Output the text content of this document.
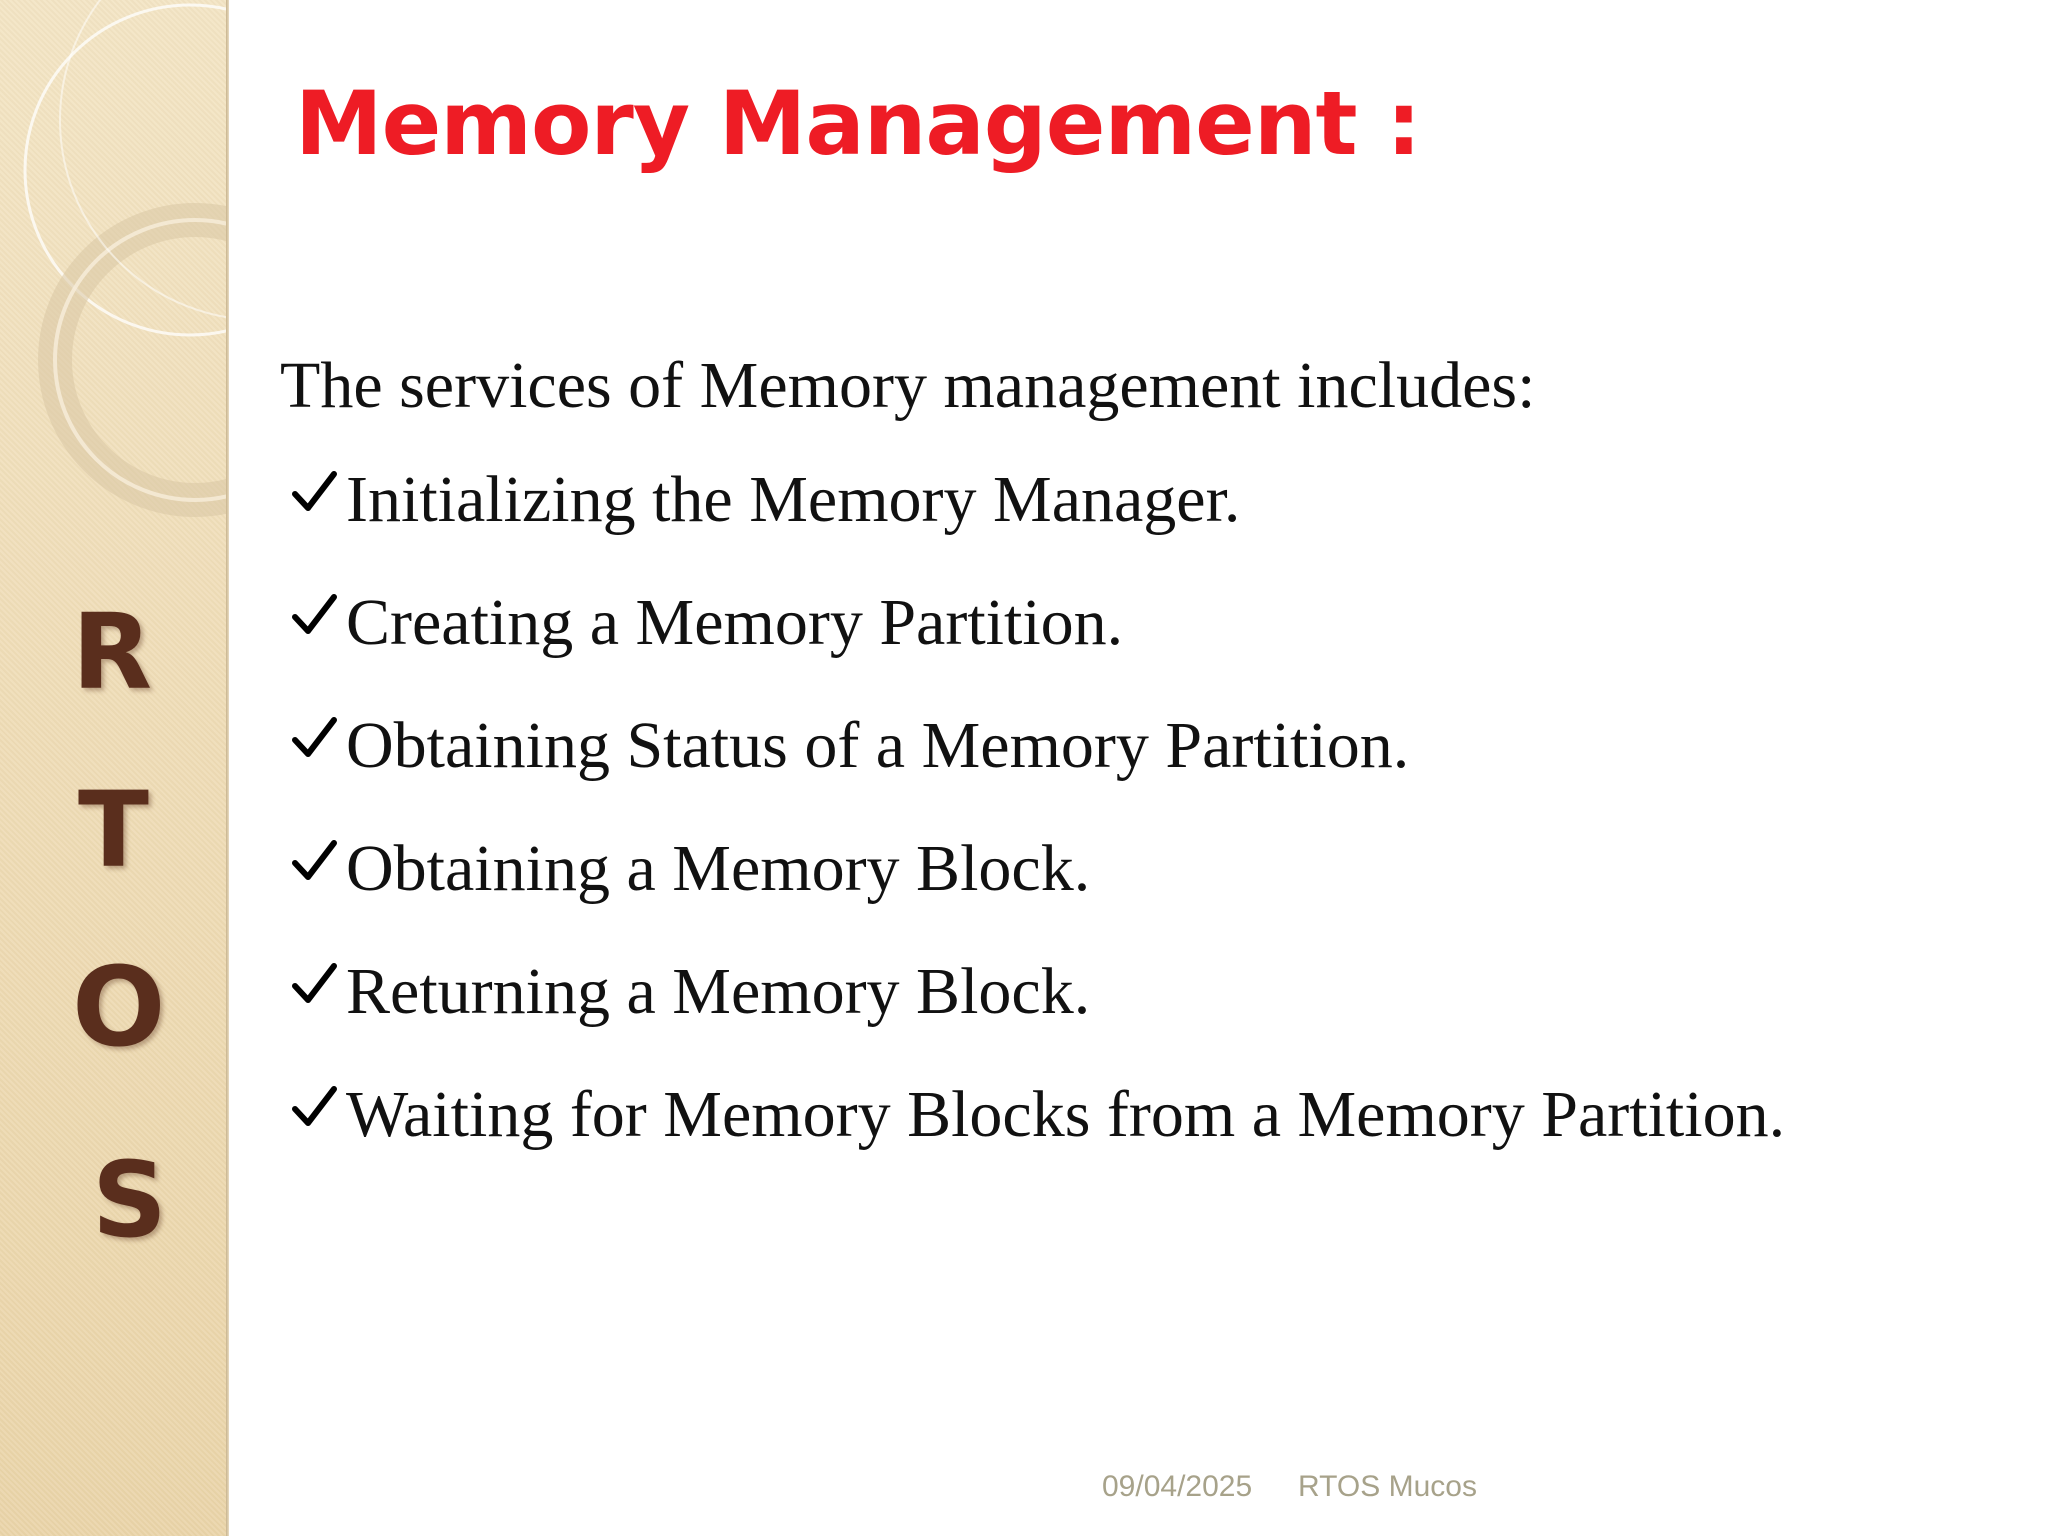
R
T
O
S
Memory Management :

The services of Memory management includes:

Initializing the Memory Manager.
Creating a Memory Partition.
Obtaining Status of a Memory Partition.
Obtaining a Memory Block.
Returning a Memory Block.
Waiting for Memory Blocks from a Memory Partition.
09/04/2025 RTOS Mucos
